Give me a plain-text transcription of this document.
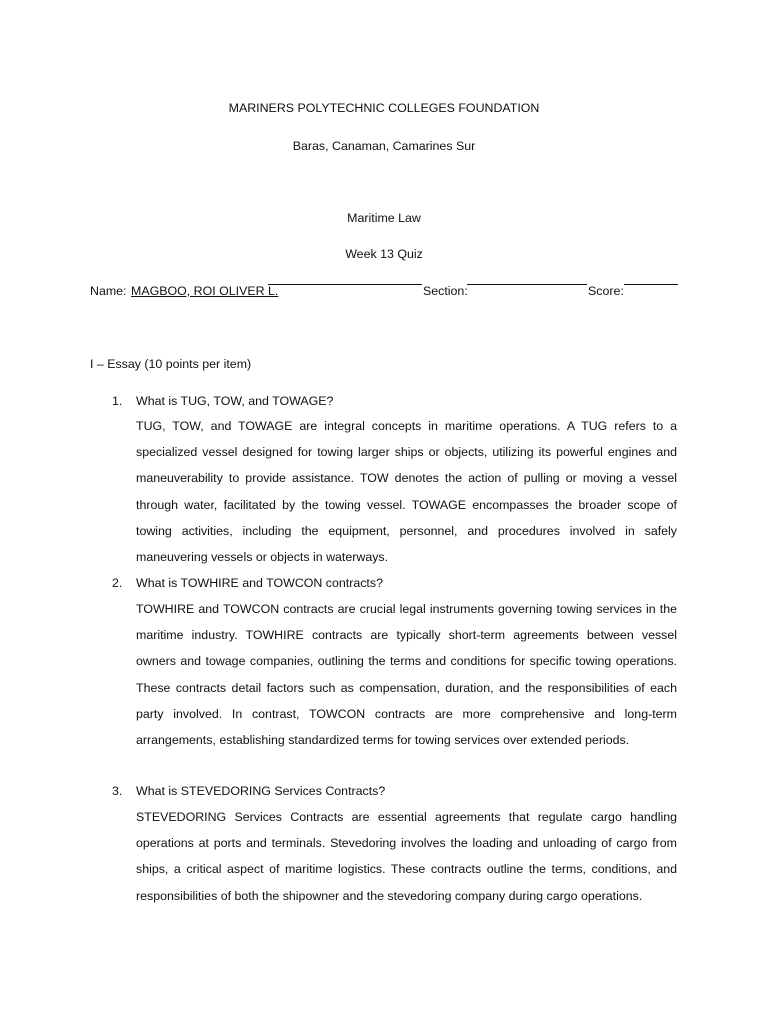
MARINERS POLYTECHNIC COLLEGES FOUNDATION
Baras, Canaman, Camarines Sur
Maritime Law
Week 13 Quiz
Name: MAGBOO, ROI OLIVER L.	Section:	Score:
I – Essay (10 points per item)
1. What is TUG, TOW, and TOWAGE?

TUG, TOW, and TOWAGE are integral concepts in maritime operations. A TUG refers to a specialized vessel designed for towing larger ships or objects, utilizing its powerful engines and maneuverability to provide assistance. TOW denotes the action of pulling or moving a vessel through water, facilitated by the towing vessel. TOWAGE encompasses the broader scope of towing activities, including the equipment, personnel, and procedures involved in safely maneuvering vessels or objects in waterways.

2. What is TOWHIRE and TOWCON contracts?

TOWHIRE and TOWCON contracts are crucial legal instruments governing towing services in the maritime industry. TOWHIRE contracts are typically short-term agreements between vessel owners and towage companies, outlining the terms and conditions for specific towing operations. These contracts detail factors such as compensation, duration, and the responsibilities of each party involved. In contrast, TOWCON contracts are more comprehensive and long-term arrangements, establishing standardized terms for towing services over extended periods.

3. What is STEVEDORING Services Contracts?

STEVEDORING Services Contracts are essential agreements that regulate cargo handling operations at ports and terminals. Stevedoring involves the loading and unloading of cargo from ships, a critical aspect of maritime logistics. These contracts outline the terms, conditions, and responsibilities of both the shipowner and the stevedoring company during cargo operations.
